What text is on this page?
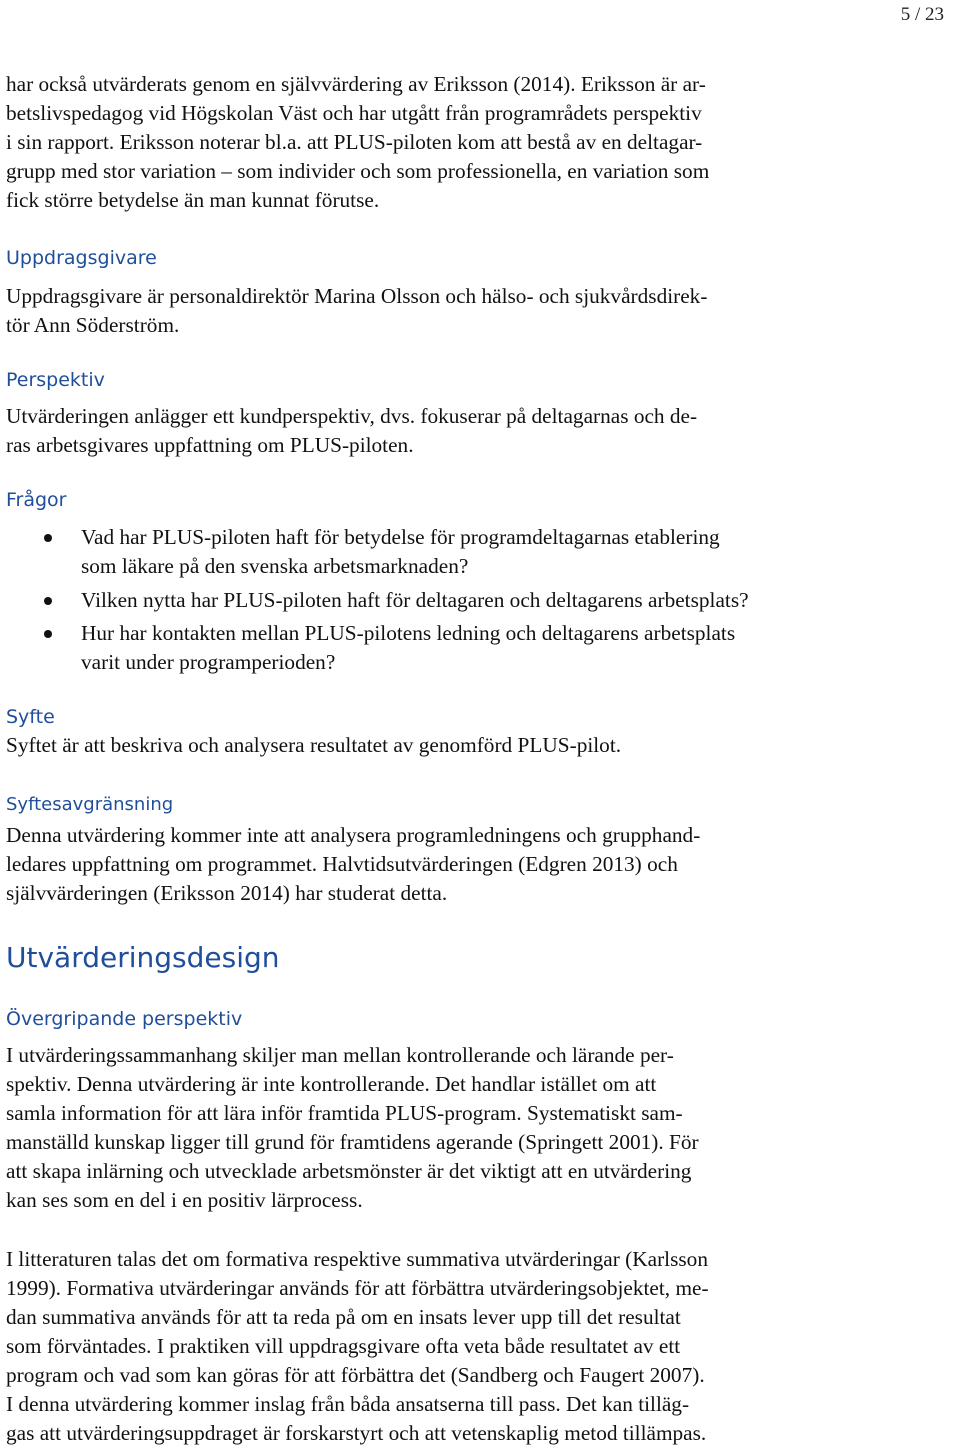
5 / 23
har också utvärderats genom en självvärdering av Eriksson (2014). Eriksson är ar-
betslivspedagog vid Högskolan Väst och har utgått från programrådets perspektiv
i sin rapport. Eriksson noterar bl.a. att PLUS-piloten kom att bestå av en deltagar-
grupp med stor variation – som individer och som professionella, en variation som
fick större betydelse än man kunnat förutse.
Uppdragsgivare
Uppdragsgivare är personaldirektör Marina Olsson och hälso- och sjukvårdsdirek-
tör Ann Söderström.
Perspektiv
Utvärderingen anlägger ett kundperspektiv, dvs. fokuserar på deltagarnas och de-
ras arbetsgivares uppfattning om PLUS-piloten.
Frågor
Vad har PLUS-piloten haft för betydelse för programdeltagarnas etablering
som läkare på den svenska arbetsmarknaden?
Vilken nytta har PLUS-piloten haft för deltagaren och deltagarens arbetsplats?
Hur har kontakten mellan PLUS-pilotens ledning och deltagarens arbetsplats
varit under programperioden?
Syfte
Syftet är att beskriva och analysera resultatet av genomförd PLUS-pilot.
Syftesavgränsning
Denna utvärdering kommer inte att analysera programledningens och grupphand-
ledares uppfattning om programmet. Halvtidsutvärderingen (Edgren 2013) och
självvärderingen (Eriksson 2014) har studerat detta.
Utvärderingsdesign
Övergripande perspektiv
I utvärderingssammanhang skiljer man mellan kontrollerande och lärande per-
spektiv. Denna utvärdering är inte kontrollerande. Det handlar istället om att
samla information för att lära inför framtida PLUS-program. Systematiskt sam-
manställd kunskap ligger till grund för framtidens agerande (Springett 2001). För
att skapa inlärning och utvecklade arbetsmönster är det viktigt att en utvärdering
kan ses som en del i en positiv lärprocess.
I litteraturen talas det om formativa respektive summativa utvärderingar (Karlsson
1999). Formativa utvärderingar används för att förbättra utvärderingsobjektet, me-
dan summativa används för att ta reda på om en insats lever upp till det resultat
som förväntades. I praktiken vill uppdragsgivare ofta veta både resultatet av ett
program och vad som kan göras för att förbättra det (Sandberg och Faugert 2007).
I denna utvärdering kommer inslag från båda ansatserna till pass. Det kan tilläg-
gas att utvärderingsuppdraget är forskarstyrt och att vetenskaplig metod tillämpas.
